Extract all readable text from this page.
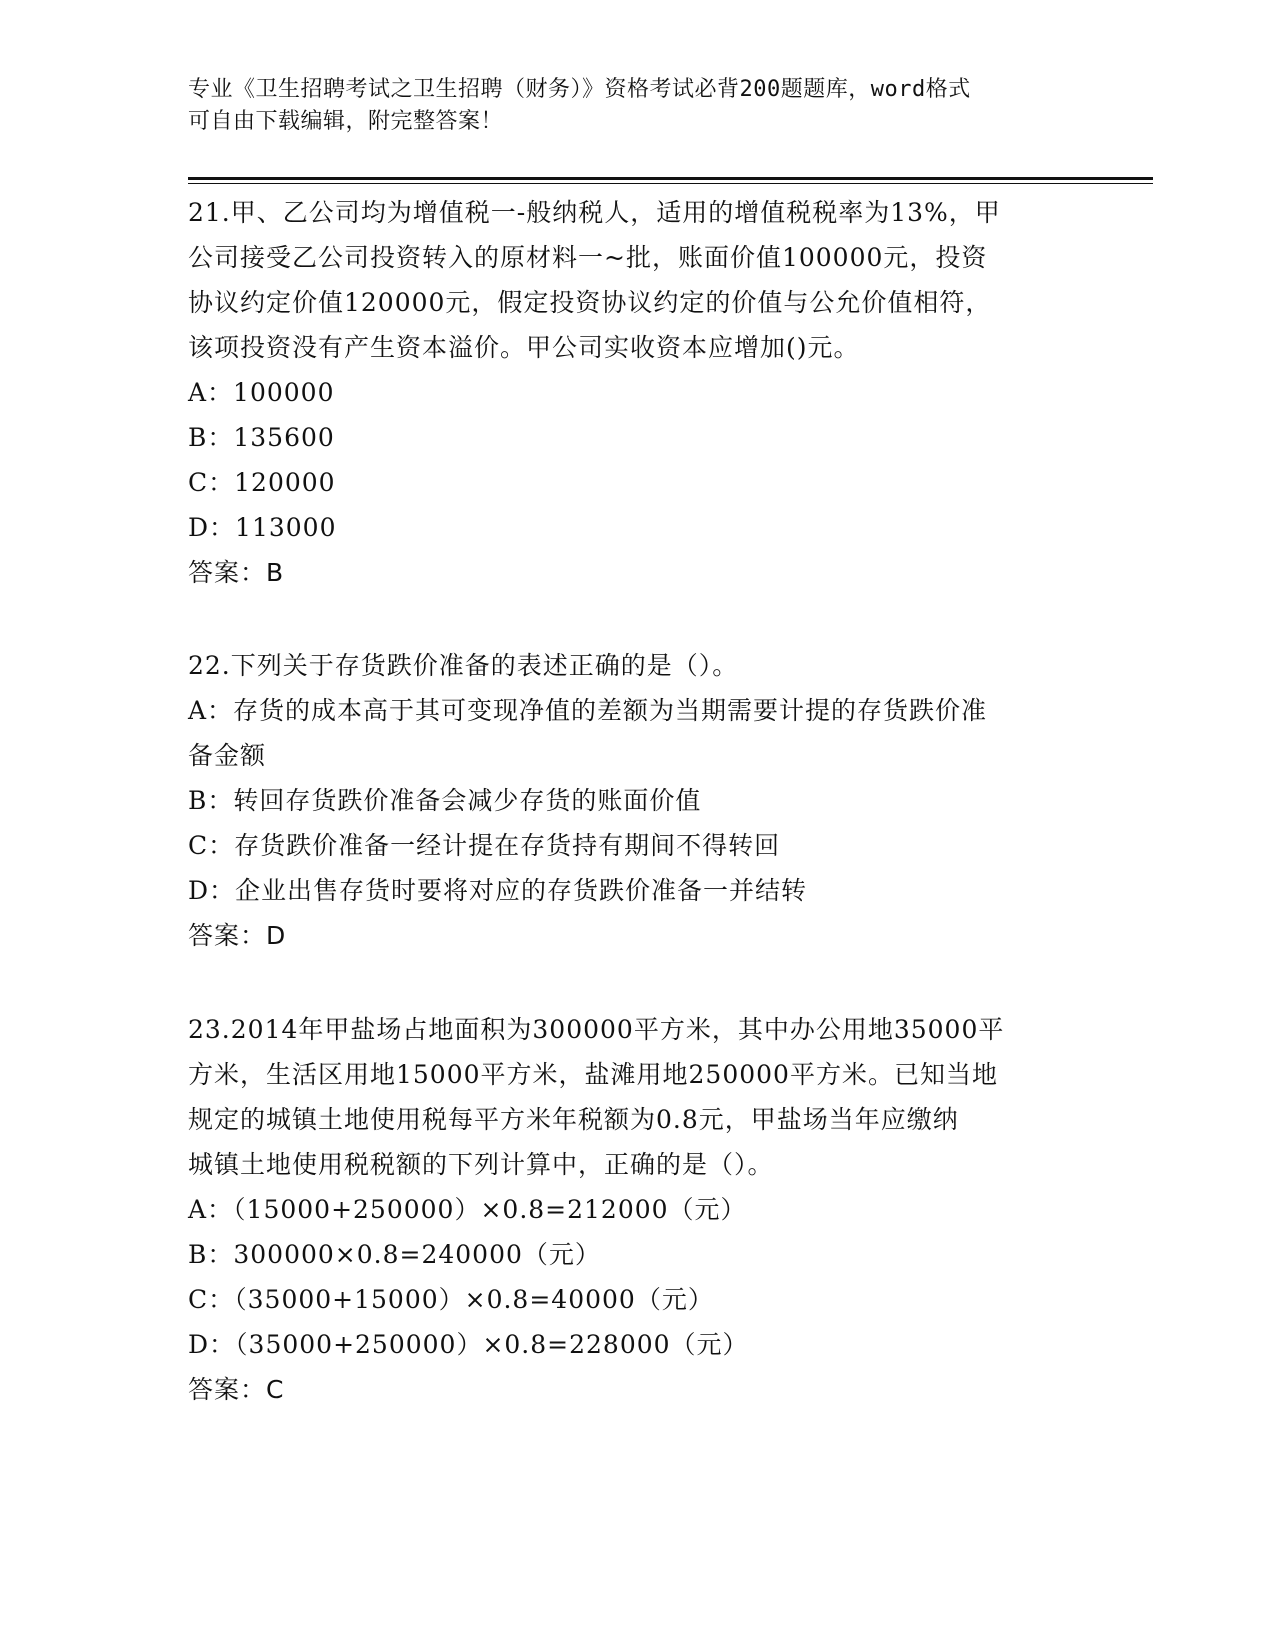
专业《卫生招聘考试之卫生招聘（财务）》资格考试必背200题题库，word格式
可自由下载编辑，附完整答案！
21.甲、乙公司均为增值税一-般纳税人，适用的增值税税率为13%，甲
公司接受乙公司投资转入的原材料一~批，账面价值100000元，投资
协议约定价值120000元，假定投资协议约定的价值与公允价值相符，
该项投资没有产生资本溢价。甲公司实收资本应增加()元。
A：100000
B：135600
C：120000
D：113000
答案：B
22.下列关于存货跌价准备的表述正确的是（）。
A：存货的成本高于其可变现净值的差额为当期需要计提的存货跌价准
备金额
B：转回存货跌价准备会减少存货的账面价值
C：存货跌价准备一经计提在存货持有期间不得转回
D：企业出售存货时要将对应的存货跌价准备一并结转
答案：D
23.2014年甲盐场占地面积为300000平方米，其中办公用地35000平
方米，生活区用地15000平方米，盐滩用地250000平方米。已知当地
规定的城镇土地使用税每平方米年税额为0.8元，甲盐场当年应缴纳
城镇土地使用税税额的下列计算中，正确的是（）。
A：（15000+250000）×0.8=212000（元）
B：300000×0.8=240000（元）
C：（35000+15000）×0.8=40000（元）
D：（35000+250000）×0.8=228000（元）
答案：C
